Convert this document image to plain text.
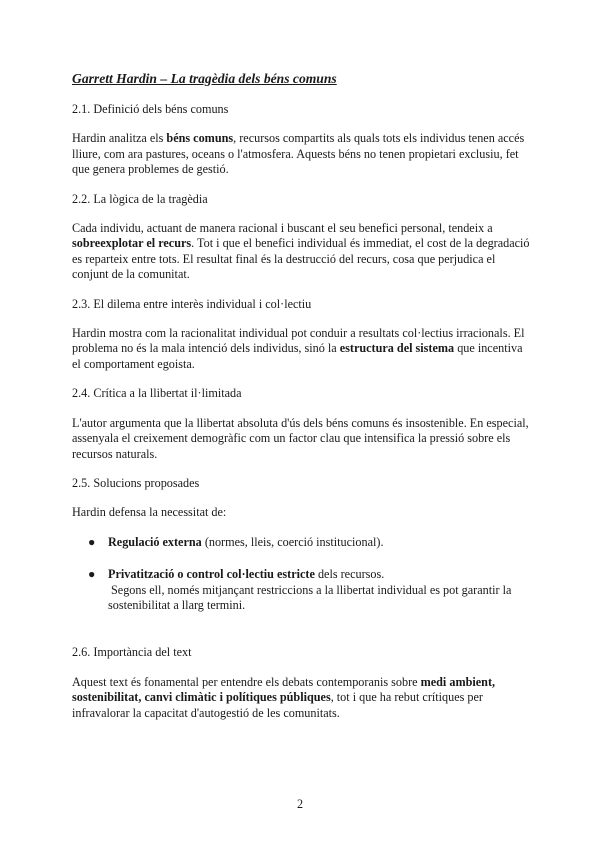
Garrett Hardin – La tragèdia dels béns comuns
2.1. Definició dels béns comuns
Hardin analitza els béns comuns, recursos compartits als quals tots els individus tenen accés lliure, com ara pastures, oceans o l'atmosfera. Aquests béns no tenen propietari exclusiu, fet que genera problemes de gestió.
2.2. La lògica de la tragèdia
Cada individu, actuant de manera racional i buscant el seu benefici personal, tendeix a sobreexplotar el recurs. Tot i que el benefici individual és immediat, el cost de la degradació es reparteix entre tots. El resultat final és la destrucció del recurs, cosa que perjudica el conjunt de la comunitat.
2.3. El dilema entre interès individual i col·lectiu
Hardin mostra com la racionalitat individual pot conduir a resultats col·lectius irracionals. El problema no és la mala intenció dels individus, sinó la estructura del sistema que incentiva el comportament egoista.
2.4. Crítica a la llibertat il·limitada
L'autor argumenta que la llibertat absoluta d'ús dels béns comuns és insostenible. En especial, assenyala el creixement demogràfic com un factor clau que intensifica la pressió sobre els recursos naturals.
2.5. Solucions proposades
Hardin defensa la necessitat de:
● Regulació externa (normes, lleis, coerció institucional).
● Privatització o control col·lectiu estricte dels recursos.
Segons ell, només mitjançant restriccions a la llibertat individual es pot garantir la sostenibilitat a llarg termini.
2.6. Importància del text
Aquest text és fonamental per entendre els debats contemporanis sobre medi ambient, sostenibilitat, canvi climàtic i polítiques públiques, tot i que ha rebut crítiques per infravalorar la capacitat d'autogestió de les comunitats.
2
